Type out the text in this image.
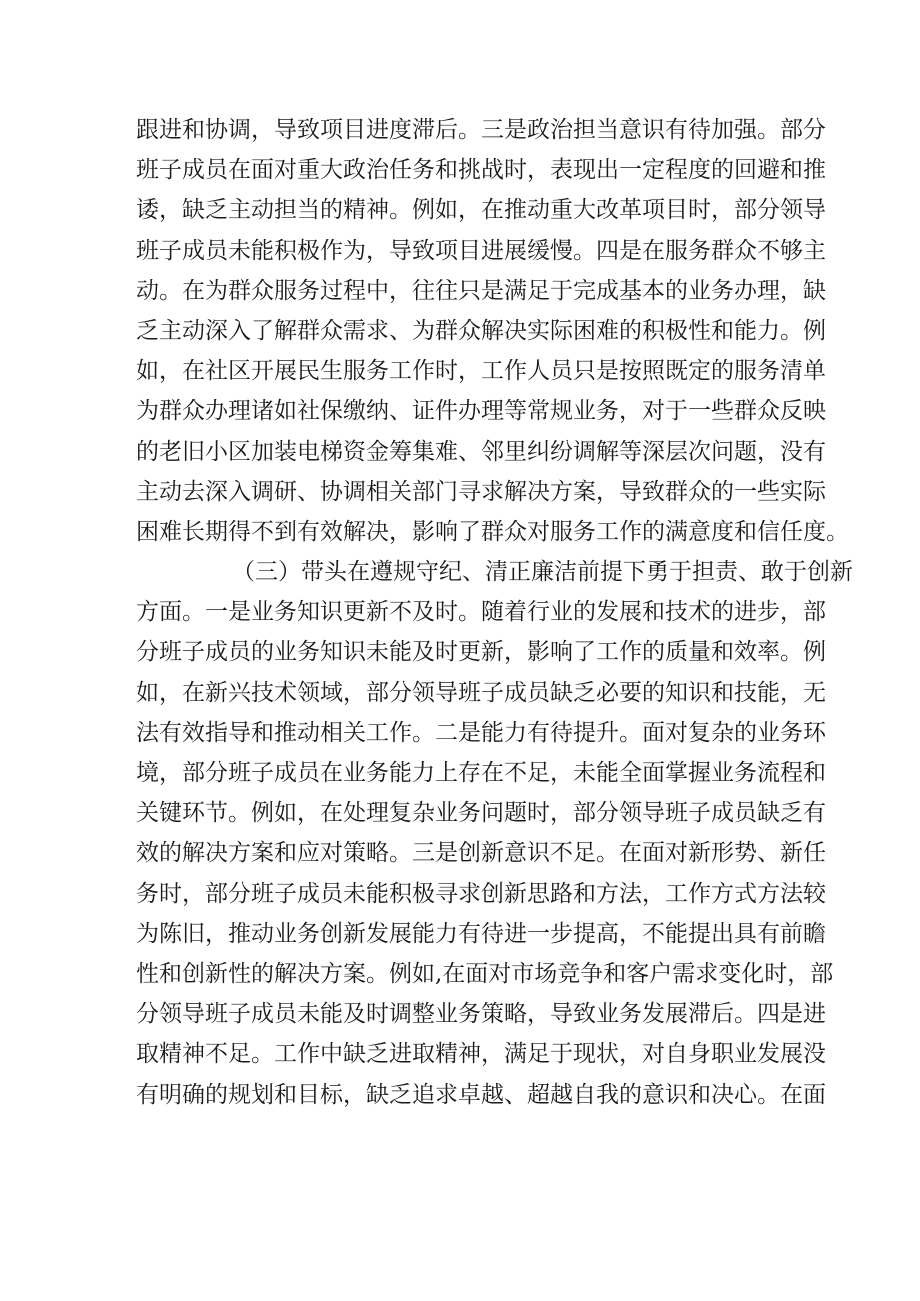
跟进和协调，导致项目进度滞后。三是政治担当意识有待加强。部分
班子成员在面对重大政治任务和挑战时，表现出一定程度的回避和推
诿，缺乏主动担当的精神。例如，在推动重大改革项目时，部分领导
班子成员未能积极作为，导致项目进展缓慢。四是在服务群众不够主
动。在为群众服务过程中，往往只是满足于完成基本的业务办理，缺
乏主动深入了解群众需求、为群众解决实际困难的积极性和能力。例
如，在社区开展民生服务工作时，工作人员只是按照既定的服务清单
为群众办理诸如社保缴纳、证件办理等常规业务，对于一些群众反映
的老旧小区加装电梯资金筹集难、邻里纠纷调解等深层次问题，没有
主动去深入调研、协调相关部门寻求解决方案，导致群众的一些实际
困难长期得不到有效解决，影响了群众对服务工作的满意度和信任度。
（三）带头在遵规守纪、清正廉洁前提下勇于担责、敢于创新
方面。一是业务知识更新不及时。随着行业的发展和技术的进步，部
分班子成员的业务知识未能及时更新，影响了工作的质量和效率。例
如，在新兴技术领域，部分领导班子成员缺乏必要的知识和技能，无
法有效指导和推动相关工作。二是能力有待提升。面对复杂的业务环
境，部分班子成员在业务能力上存在不足，未能全面掌握业务流程和
关键环节。例如，在处理复杂业务问题时，部分领导班子成员缺乏有
效的解决方案和应对策略。三是创新意识不足。在面对新形势、新任
务时，部分班子成员未能积极寻求创新思路和方法，工作方式方法较
为陈旧，推动业务创新发展能力有待进一步提高，不能提出具有前瞻
性和创新性的解决方案。例如,在面对市场竞争和客户需求变化时，部
分领导班子成员未能及时调整业务策略，导致业务发展滞后。四是进
取精神不足。工作中缺乏进取精神，满足于现状，对自身职业发展没
有明确的规划和目标，缺乏追求卓越、超越自我的意识和决心。在面
